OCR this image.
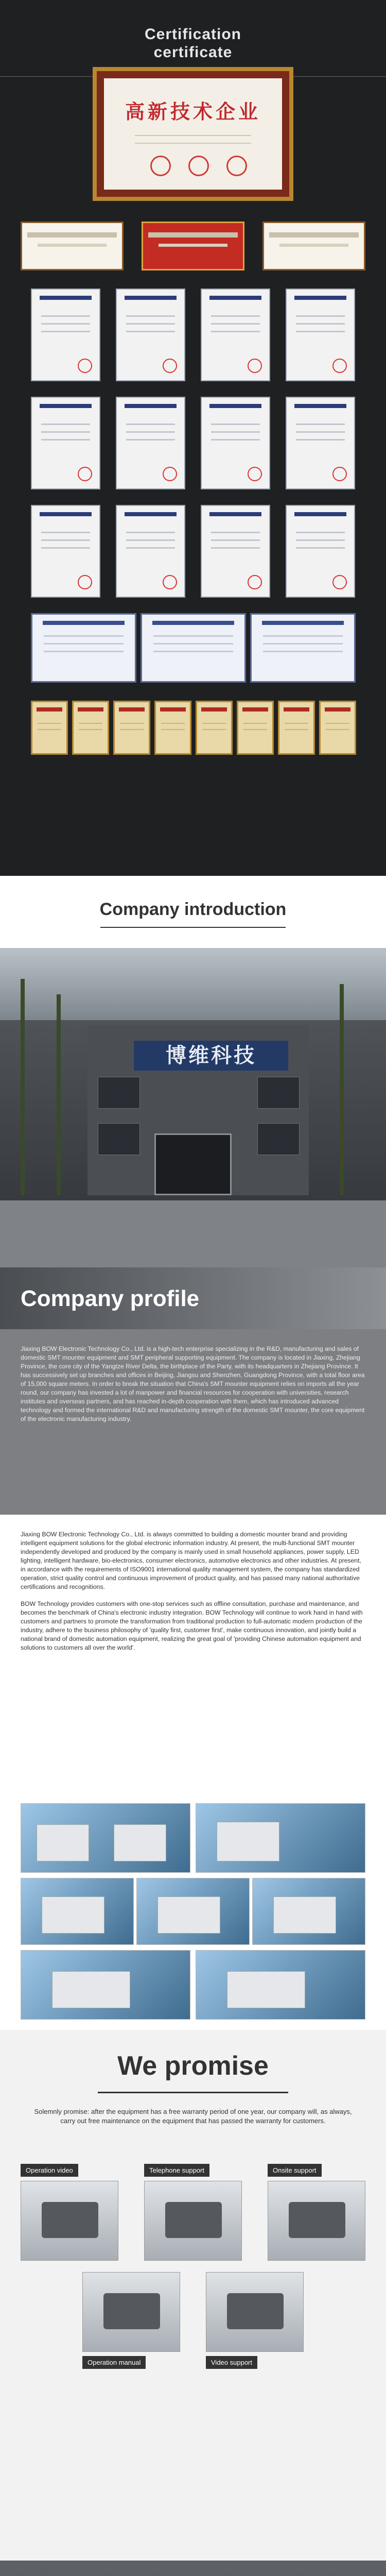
Certification
certificate
高新技术企业
Company introduction
博维科技
Company profile
Jiaxing BOW Electronic Technology Co., Ltd. is a high-tech enterprise specializing in the R&D, manufacturing and sales of domestic SMT mounter equipment and SMT peripheral supporting equipment. The company is located in Jiaxing, Zhejiang Province, the core city of the Yangtze River Delta, the birthplace of the Party, with its headquarters in Zhejiang Province. It has successively set up branches and offices in Beijing, Jiangsu and Shenzhen, Guangdong Province, with a total floor area of 15,000 square meters. In order to break the situation that China's SMT mounter equipment relies on imports all the year round, our company has invested a lot of manpower and financial resources for cooperation with universities, research institutes and overseas partners, and has reached in-depth cooperation with them, which has introduced advanced technology and formed the international R&D and manufacturing strength of the domestic SMT mounter, the core equipment of the electronic manufacturing industry.

Jiaxing BOW Electronic Technology Co., Ltd. is always committed to building a domestic mounter brand and providing intelligent equipment solutions for the global electronic information industry. At present, the multi-functional SMT mounter independently developed and produced by the company is mainly used in small household appliances, power supply, LED lighting, intelligent hardware, bio-electronics, consumer electronics, automotive electronics and other industries. At present, in accordance with the requirements of ISO9001 international quality management system, the company has standardized operation, strict quality control and continuous improvement of product quality, and has passed many national authoritative certifications and recognitions.

BOW Technology provides customers with one-stop services such as offline consultation, purchase and maintenance, and becomes the benchmark of China's electronic industry integration. BOW Technology will continue to work hand in hand with customers and partners to promote the transformation from traditional production to full-automatic modern production of the industry, adhere to the business philosophy of 'quality first, customer first', make continuous innovation, and jointly build a national brand of domestic automation equipment, realizing the great goal of 'providing Chinese automation equipment and solutions to customers all over the world'.

We promise
Solemnly promise: after the equipment has a free warranty period of one year, our company will, as always, carry out free maintenance on the equipment that has passed the warranty for customers.
Operation video	Telephone support	Onsite support
Operation manual	Video support
